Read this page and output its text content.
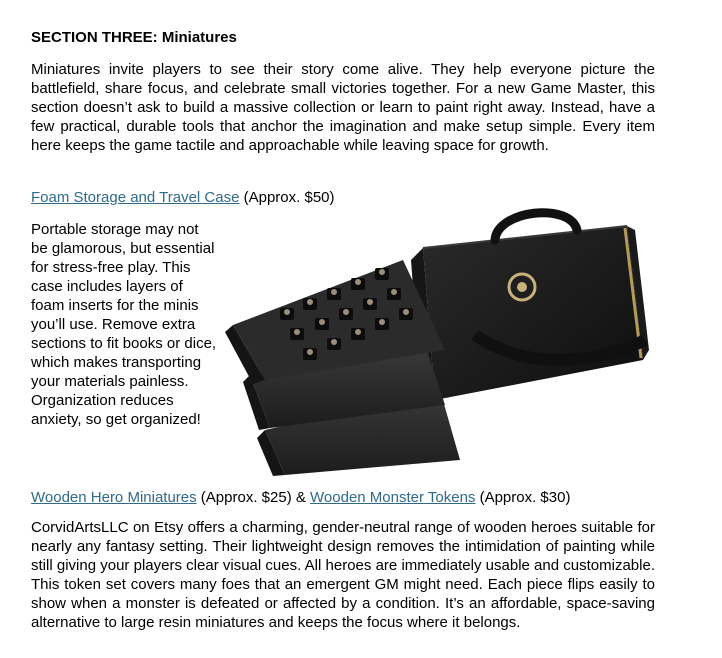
SECTION THREE: Miniatures

Miniatures invite players to see their story come alive. They help everyone picture the battlefield, share focus, and celebrate small victories together. For a new Game Master, this section doesn’t ask to build a massive collection or learn to paint right away. Instead, have a few practical, durable tools that anchor the imagination and make setup simple. Every item here keeps the game tactile and approachable while leaving space for growth.

Foam Storage and Travel Case (Approx. $50)

Portable storage may not be glamorous, but essential for stress-free play. This case includes layers of foam inserts for the minis you’ll use. Remove extra sections to fit books or dice, which makes transporting your materials painless. Organization reduces anxiety, so get organized!

Wooden Hero Miniatures (Approx. $25) & Wooden Monster Tokens (Approx. $30)

CorvidArtsLLC on Etsy offers a charming, gender-neutral range of wooden heroes suitable for nearly any fantasy setting. Their lightweight design removes the intimidation of painting while still giving your players clear visual cues. All heroes are immediately usable and customizable. This token set covers many foes that an emergent GM might need. Each piece flips easily to show when a monster is defeated or affected by a condition. It’s an affordable, space-saving alternative to large resin miniatures and keeps the focus where it belongs.
